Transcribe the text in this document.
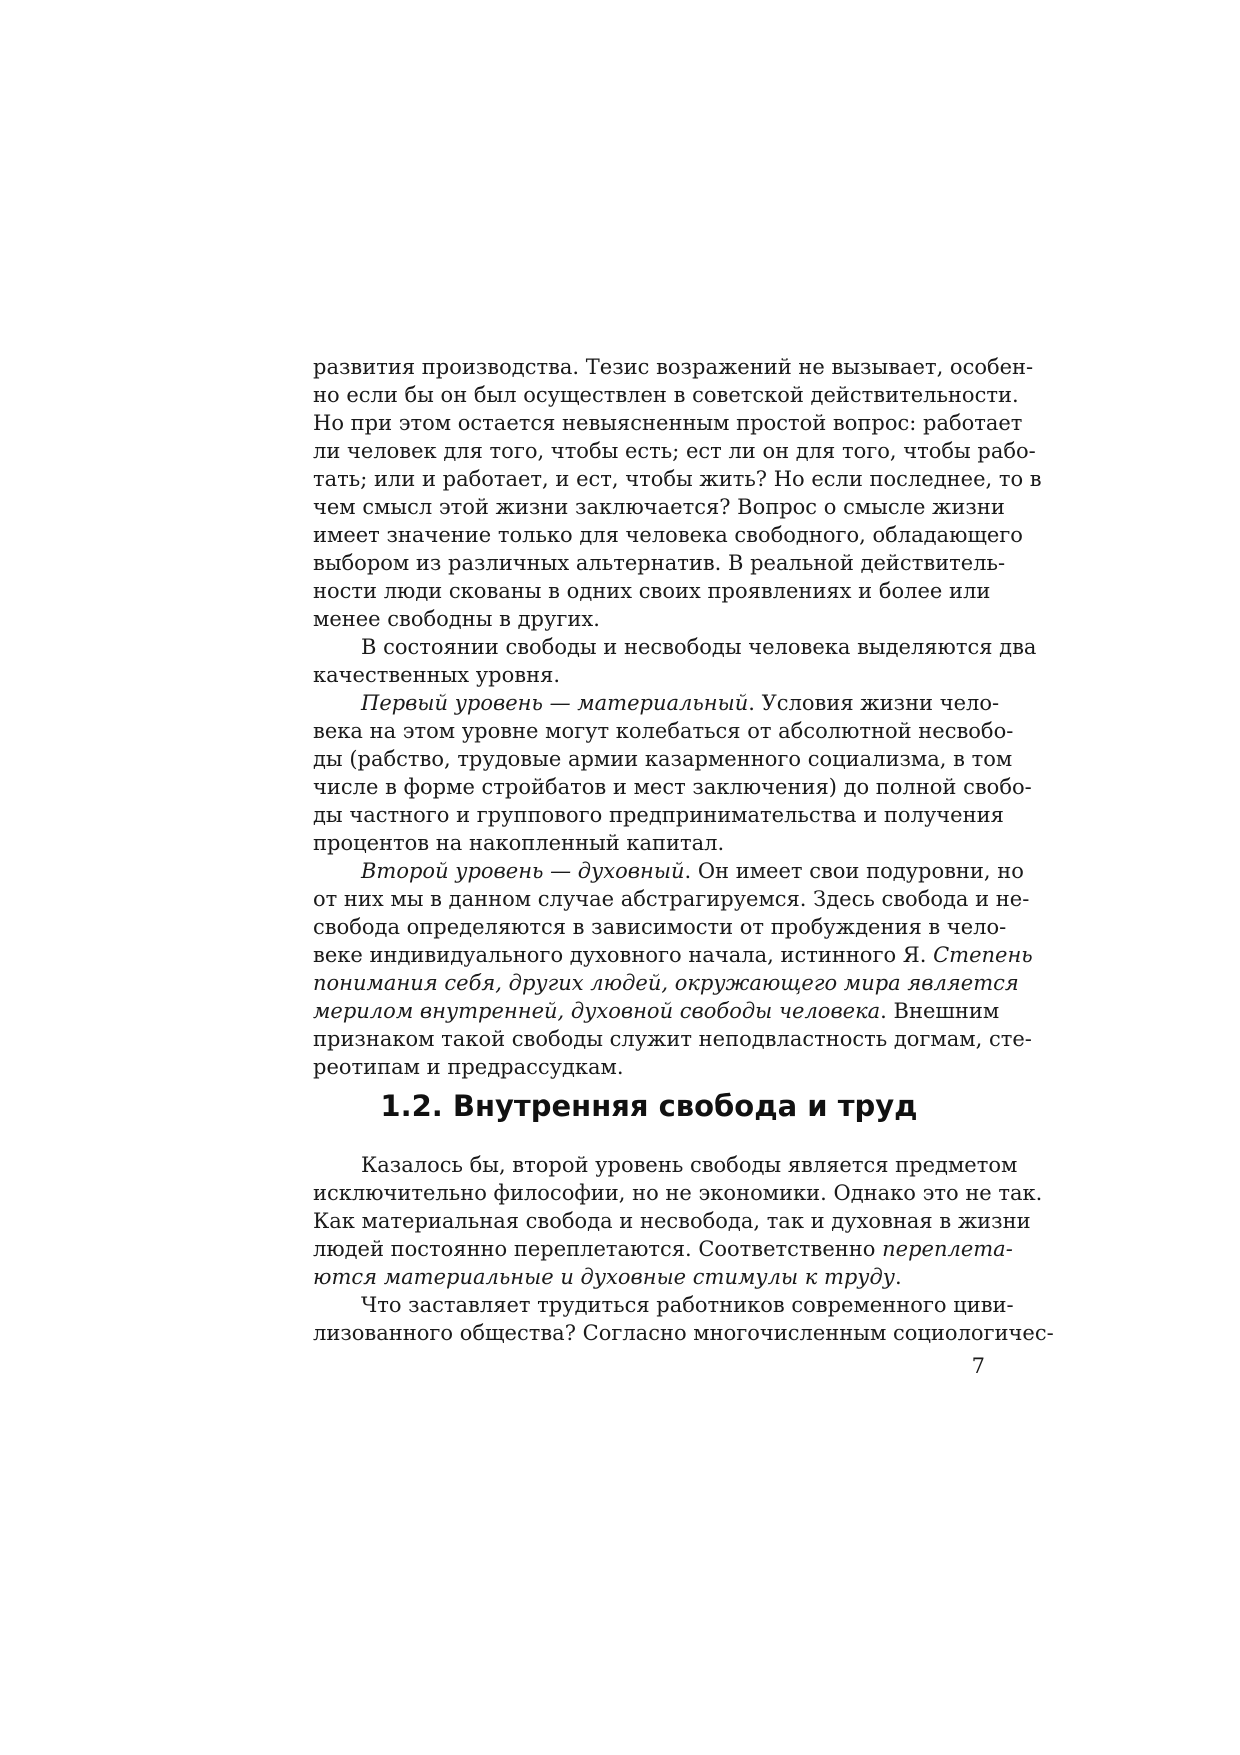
развития производства. Тезис возражений не вызывает, особен-
но если бы он был осуществлен в советской действительности.
Но при этом остается невыясненным простой вопрос: работает
ли человек для того, чтобы есть; ест ли он для того, чтобы рабо-
тать; или и работает, и ест, чтобы жить? Но если последнее, то в
чем смысл этой жизни заключается? Вопрос о смысле жизни
имеет значение только для человека свободного, обладающего
выбором из различных альтернатив. В реальной действитель-
ности люди скованы в одних своих проявлениях и более или
менее свободны в других.

В состоянии свободы и несвободы человека выделяются два
качественных уровня.

Первый уровень — материальный. Условия жизни чело-
века на этом уровне могут колебаться от абсолютной несвобо-
ды (рабство, трудовые армии казарменного социализма, в том
числе в форме стройбатов и мест заключения) до полной свобо-
ды частного и группового предпринимательства и получения
процентов на накопленный капитал.

Второй уровень — духовный. Он имеет свои подуровни, но
от них мы в данном случае абстрагируемся. Здесь свобода и не-
свобода определяются в зависимости от пробуждения в чело-
веке индивидуального духовного начала, истинного Я. Степень
понимания себя, других людей, окружающего мира является
мерилом внутренней, духовной свободы человека. Внешним
признаком такой свободы служит неподвластность догмам, сте-
реотипам и предрассудкам.

1.2. Внутренняя свобода и труд

Казалось бы, второй уровень свободы является предметом
исключительно философии, но не экономики. Однако это не так.
Как материальная свобода и несвобода, так и духовная в жизни
людей постоянно переплетаются. Соответственно переплета-
ются материальные и духовные стимулы к труду.

Что заставляет трудиться работников современного циви-
лизованного общества? Согласно многочисленным социологичес-

7
